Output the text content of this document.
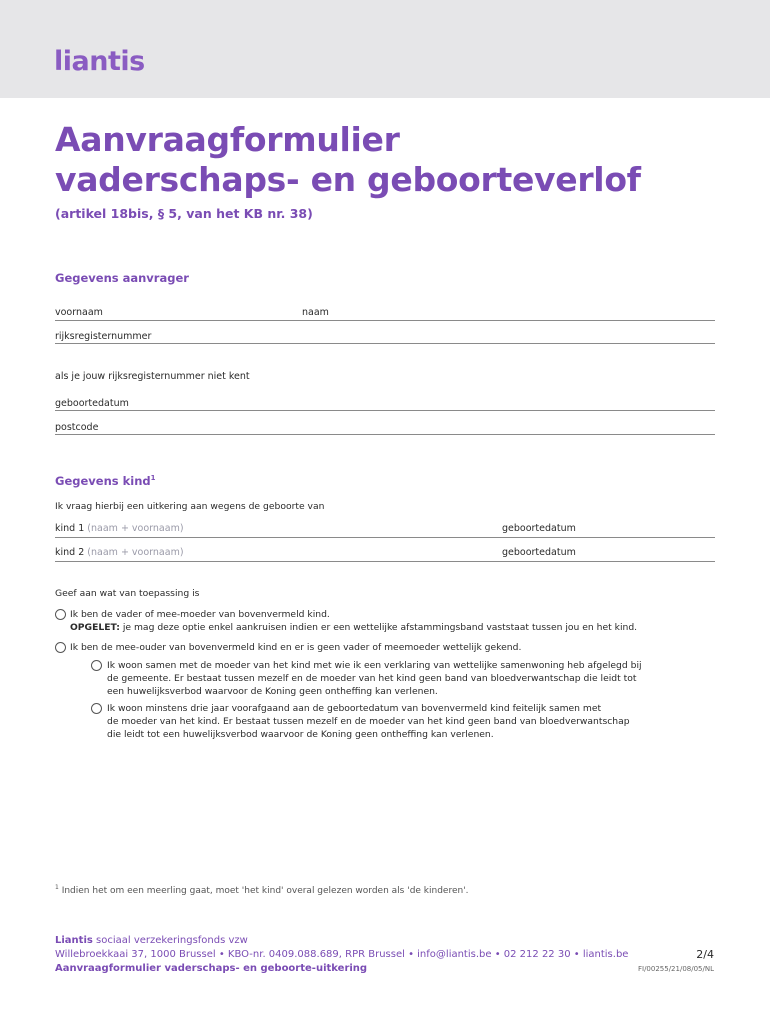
liantis
Aanvraagformulier
vaderschaps- en geboorteverlof
(artikel 18bis, § 5, van het KB nr. 38)
Gegevens aanvrager
voornaam	naam
rijksregisternummer
als je jouw rijksregisternummer niet kent
geboortedatum
postcode
Gegevens kind$^1$
Ik vraag hierbij een uitkering aan wegens de geboorte van
kind 1 (naam + voornaam)	geboortedatum
kind 2 (naam + voornaam)	geboortedatum
Geef aan wat van toepassing is
Ik ben de vader of mee-moeder van bovenvermeld kind.
OPGELET: je mag deze optie enkel aankruisen indien er een wettelijke afstammingsband vaststaat tussen jou en het kind.
Ik ben de mee-ouder van bovenvermeld kind en er is geen vader of meemoeder wettelijk gekend.
Ik woon samen met de moeder van het kind met wie ik een verklaring van wettelijke samenwoning heb afgelegd bij
de gemeente. Er bestaat tussen mezelf en de moeder van het kind geen band van bloedverwantschap die leidt tot
een huwelijksverbod waarvoor de Koning geen ontheffing kan verlenen.
Ik woon minstens drie jaar voorafgaand aan de geboortedatum van bovenvermeld kind feitelijk samen met
de moeder van het kind. Er bestaat tussen mezelf en de moeder van het kind geen band van bloedverwantschap
die leidt tot een huwelijksverbod waarvoor de Koning geen ontheffing kan verlenen.
$^1$ Indien het om een meerling gaat, moet 'het kind' overal gelezen worden als 'de kinderen'.
Liantis sociaal verzekeringsfonds vzw
Willebroekkaai 37, 1000 Brussel • KBO-nr. 0409.088.689, RPR Brussel • info@liantis.be • 02 212 22 30 • liantis.be
Aanvraagformulier vaderschaps- en geboorte-uitkering
2/4
FI/00255/21/08/05/NL
